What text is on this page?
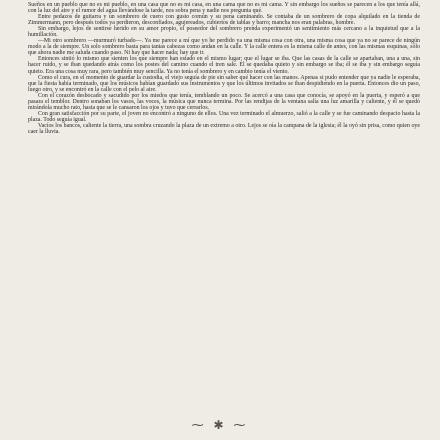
Sueños en un pueblo que no es mi pueblo, en una casa que no es mi casa, en una cama que no es mi cama. Y sin embargo los sueños se parecen a los que tenía allá, con la luz del aire y el rumor del agua llevándose la tarde, nos sobra pena y nadie nos pregunta qué.

Entre pedazos de guitarra y un sombrero de cuero con gusto común y su pena caminando. Se contaba de un sombrero de copa alquilado en la tienda de Zimmermann, pero después todos ya perdieron, desconfiados, agujereados, cubiertos de tablas y barro; mancha nos eran palabras, hombre.

Sin embargo, lejos de sentirse herido en su amor propio, el poseedor del sombrero prenda experimentó un sentimiento más cercano a la inquietud que a la humillación.

—Mi otro sombrero —murmuró turbado—. Ya me parece a mí que yo he perdido ya una misma cosa con otra, una misma cosa que ya no se parece de ningún modo a la de siempre. Un solo sombrero basta para tantas cabezas como andan en la calle. Y la calle entera es la misma calle de antes, con las mismas esquinas, sólo que ahora nadie me saluda cuando paso. Ni hay que hacer nada; hay que ir.

Entonces sintió lo mismo que sienten los que siempre han estado en el mismo lugar: que el lugar se iba. Que las casas de la calle se apartaban, una a una, sin hacer ruido, y se iban quedando atrás como los postes del camino cuando el tren sale. Él se quedaba quieto y sin embargo se iba; él se iba y sin embargo seguía quieto. Era una cosa muy rara, pero también muy sencilla. Ya no tenía el sombrero y en cambio tenía el viento.

Como el cura, en el momento de guardar la custodia, el viejo seguía de pie sin saber qué hacer con las manos. Apenas si pudo entender que ya nadie le esperaba, que la fiesta había terminado, que los músicos habían guardado sus instrumentos y que los últimos invitados se iban despidiendo en la puerta. Entonces dio un paso, luego otro, y se encontró en la calle con el pelo al aire.

Con el corazón desbocado y sacudido por los miedos que tenía, temblando un poco. Se acercó a una casa que conocía, se apoyó en la puerta, y esperó a que pasara el temblor. Dentro sonaban los vasos, las voces, la música que nunca termina. Por las rendijas de la ventana salía una luz amarilla y caliente, y él se quedó mirándola mucho rato, hasta que se le cansaron los ojos y tuvo que cerrarlos.

Con gran satisfacción por su parte, el joven no encontró a ninguno de ellos. Una vez terminado el almuerzo, salió a la calle y se fue caminando despacio hasta la plaza. Todo seguía igual.

Vacíos los bancos, caliente la tierra, una sombra cruzando la plaza de un extremo a otro. Lejos se oía la campana de la iglesia; él la oyó sin prisa, como quien oye caer la lluvia.

⁓ ✱ ⁓
